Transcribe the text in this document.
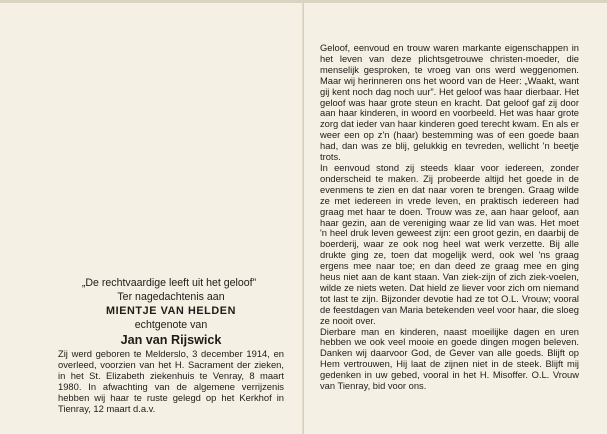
„De rechtvaardige leeft uit het geloof”
Ter nagedachtenis aan
MIENTJE VAN HELDEN
echtgenote van
Jan van Rijswick
Zij werd geboren te Melderslo, 3 december 1914, en overleed, voorzien van het H. Sacrament der zieken, in het St. Elizabeth ziekenhuis te Venray, 8 maart 1980. In afwachting van de algemene verrijzenis hebben wij haar te ruste gelegd op het Kerkhof in Tienray, 12 maart d.a.v.

Geloof, eenvoud en trouw waren markante eigenschappen in het leven van deze plichtsgetrouwe christen-moeder, die menselijk gesproken, te vroeg van ons werd weggenomen. Maar wij herinneren ons het woord van de Heer: „Waakt, want gij kent noch dag noch uur”. Het geloof was haar dierbaar. Het geloof was haar grote steun en kracht. Dat geloof gaf zij door aan haar kinderen, in woord en voorbeeld. Het was haar grote zorg dat ieder van haar kinderen goed terecht kwam. En als er weer een op z'n (haar) bestemming was of een goede baan had, dan was ze blij, gelukkig en tevreden, wellicht 'n beetje trots.

In eenvoud stond zij steeds klaar voor iedereen, zonder onderscheid te maken. Zij probeerde altijd het goede in de evenmens te zien en dat naar voren te brengen. Graag wilde ze met iedereen in vrede leven, en praktisch iedereen had graag met haar te doen. Trouw was ze, aan haar geloof, aan haar gezin, aan de vereniging waar ze lid van was. Het moet 'n heel druk leven geweest zijn: een groot gezin, en daarbij de boerderij, waar ze ook nog heel wat werk verzette. Bij alle drukte ging ze, toen dat mogelijk werd, ook wel 'ns graag ergens mee naar toe; en dan deed ze graag mee en ging heus niet aan de kant staan. Van ziek-zijn of zich ziek-voelen, wilde ze niets weten. Dat hield ze liever voor zich om niemand tot last te zijn. Bijzonder devotie had ze tot O.L. Vrouw; vooral de feestdagen van Maria betekenden veel voor haar, die sloeg ze nooit over.

Dierbare man en kinderen, naast moeilijke dagen en uren hebben we ook veel mooie en goede dingen mogen beleven. Danken wij daarvoor God, de Gever van alle goeds. Blijft op Hem vertrouwen, Hij laat de zijnen niet in de steek. Blijft mij gedenken in uw gebed, vooral in het H. Misoffer. O.L. Vrouw van Tienray, bid voor ons.
